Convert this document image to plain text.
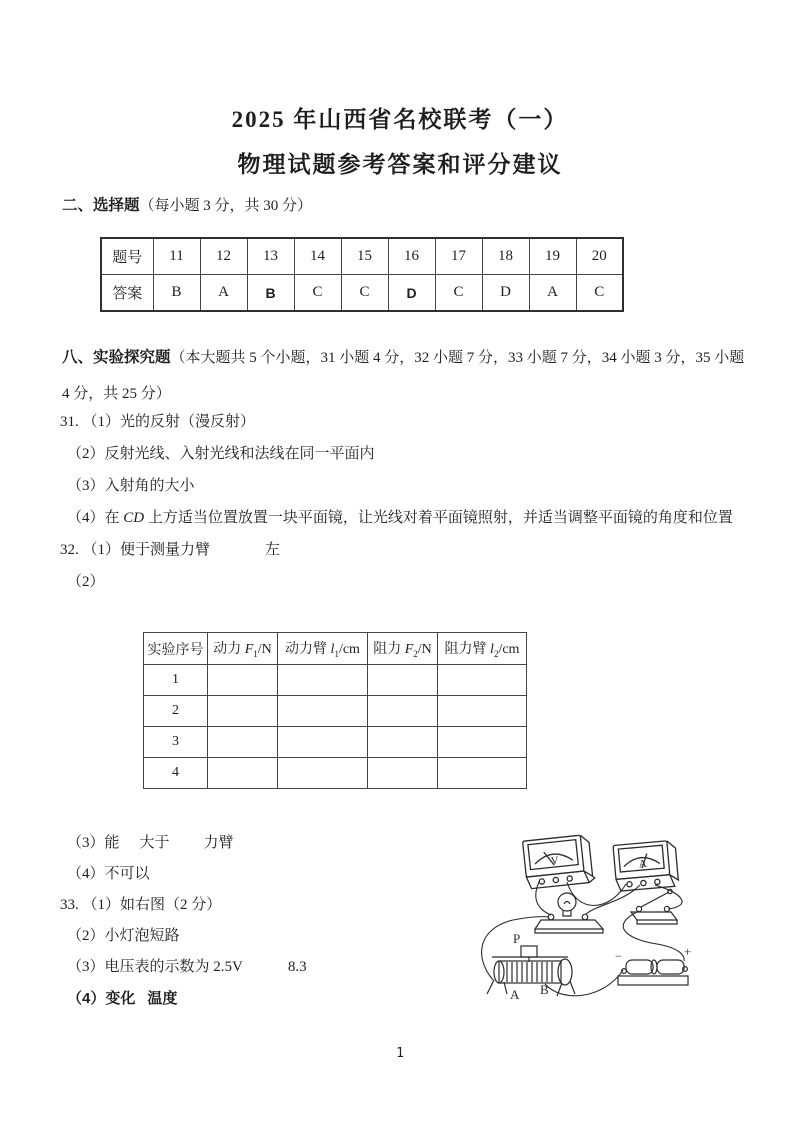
2025 年山西省名校联考（一）
物理试题参考答案和评分建议
二、选择题（每小题 3 分，共 30 分）
题号	11	12	13	14	15	16	17	18	19	20
答案	B	A	B	C	C	D	C	D	A	C
八、实验探究题（本大题共 5 个小题，31 小题 4 分，32 小题 7 分，33 小题 7 分，34 小题 3 分，35 小题 4 分，共 25 分）
31. （1）光的反射（漫反射）
（2）反射光线、入射光线和法线在同一平面内
（3）入射角的大小
（4）在 CD 上方适当位置放置一块平面镜，让光线对着平面镜照射，并适当调整平面镜的角度和位置
32. （1）便于测量力臂	左
（2）
实验序号	动力 $F_1/N$	动力臂 $l_1/cm$	阻力 $F_2/N$	阻力臂 $l_2/cm$
1				
2				
3				
4				
（3）能 大于 力臂
（4）不可以
33. （1）如右图（2 分）
（2）小灯泡短路
（3）电压表的示数为 2.5V	8.3
（4）变化 温度
V	A
P
A B
−	+
1
